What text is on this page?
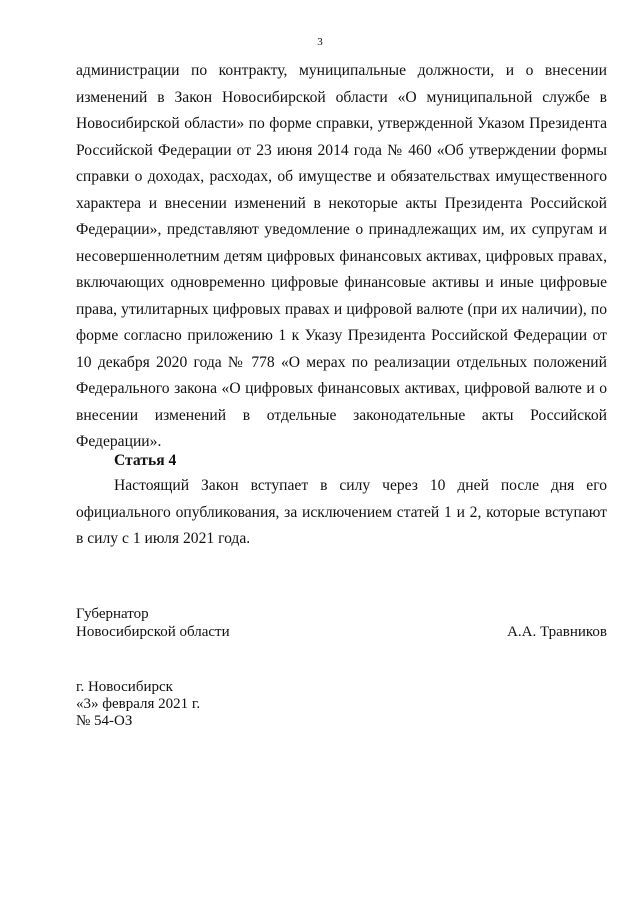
3

администрации по контракту, муниципальные должности, и о внесении изменений в Закон Новосибирской области «О муниципальной службе в Новосибирской области» по форме справки, утвержденной Указом Президента Российской Федерации от 23 июня 2014 года № 460 «Об утверждении формы справки о доходах, расходах, об имуществе и обязательствах имущественного характера и внесении изменений в некоторые акты Президента Российской Федерации», представляют уведомление о принадлежащих им, их супругам и несовершеннолетним детям цифровых финансовых активах, цифровых правах, включающих одновременно цифровые финансовые активы и иные цифровые права, утилитарных цифровых правах и цифровой валюте (при их наличии), по форме согласно приложению 1 к Указу Президента Российской Федерации от 10 декабря 2020 года № 778 «О мерах по реализации отдельных положений Федерального закона «О цифровых финансовых активах, цифровой валюте и о внесении изменений в отдельные законодательные акты Российской Федерации».

Статья 4

Настоящий Закон вступает в силу через 10 дней после дня его официального опубликования, за исключением статей 1 и 2, которые вступают в силу с 1 июля 2021 года.

Губернатор
Новосибирской области	А.А. Травников
г. Новосибирск
«3» февраля 2021 г.
№ 54-ОЗ
